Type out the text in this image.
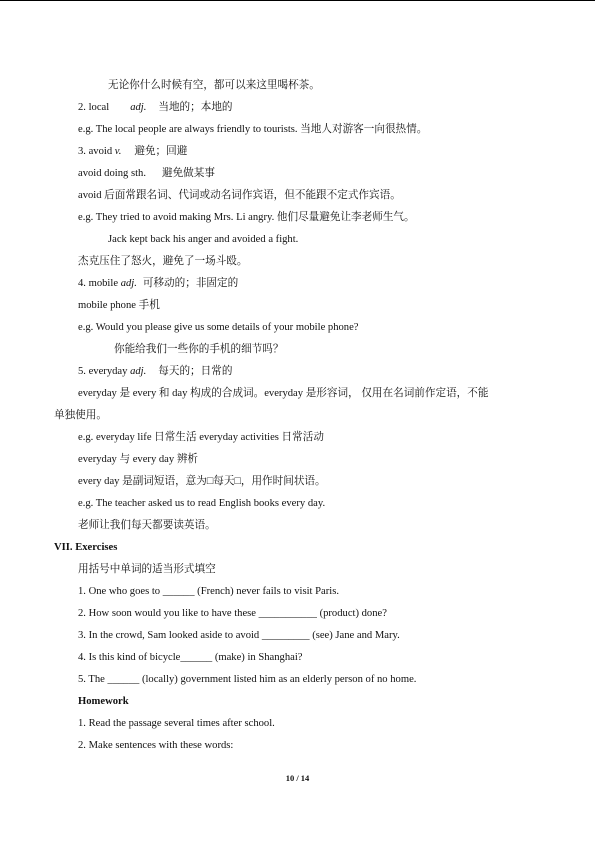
无论你什么时候有空，都可以来这里喝杯茶。
2. local adj. 当地的；本地的
e.g. The local people are always friendly to tourists. 当地人对游客一向很热情。
3. avoid v. 避免；回避
avoid doing sth. 避免做某事
avoid 后面常跟名词、代词或动名词作宾语，但不能跟不定式作宾语。
e.g. They tried to avoid making Mrs. Li angry. 他们尽量避免让李老师生气。
Jack kept back his anger and avoided a fight.
杰克压住了怒火，避免了一场斗殴。
4. mobile adj. 可移动的；非固定的
mobile phone 手机
e.g. Would you please give us some details of your mobile phone?
你能给我们一些你的手机的细节吗？
5. everyday adj. 每天的；日常的
everyday 是 every 和 day 构成的合成词。everyday 是形容词， 仅用在名词前作定语，不能
单独使用。
e.g. everyday life 日常生活 everyday activities 日常活动
everyday 与 every day 辨析
every day 是副词短语，意为□每天□，用作时间状语。
e.g. The teacher asked us to read English books every day.
老师让我们每天都要读英语。
VII. Exercises
用括号中单词的适当形式填空
1. One who goes to ______ (French) never fails to visit Paris.
2. How soon would you like to have these ___________ (product) done?
3. In the crowd, Sam looked aside to avoid _________ (see) Jane and Mary.
4. Is this kind of bicycle______ (make) in Shanghai?
5. The ______ (locally) government listed him as an elderly person of no home.
Homework
1. Read the passage several times after school.
2. Make sentences with these words:
10 / 14
